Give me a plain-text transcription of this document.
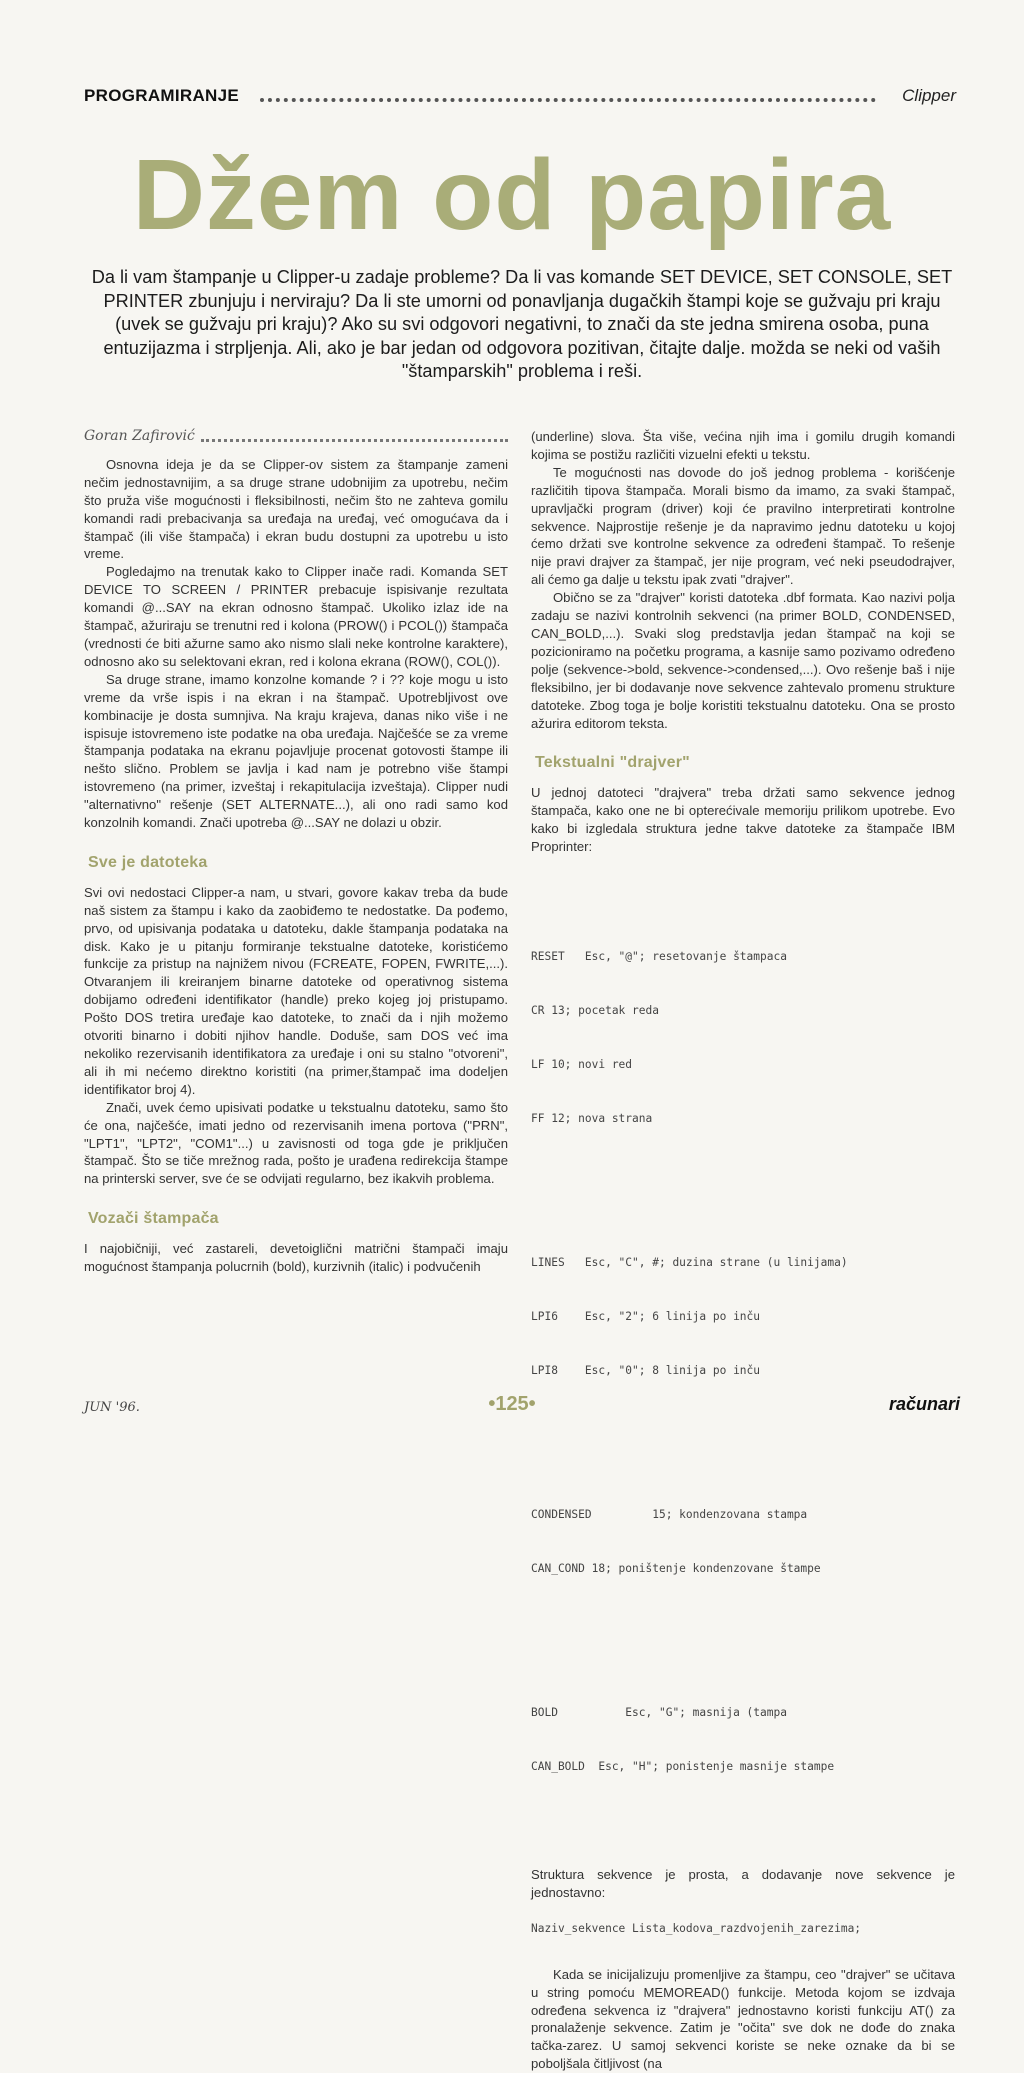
PROGRAMIRANJE	Clipper
Džem od papira
Da li vam štampanje u Clipper-u zadaje probleme? Da li vas komande SET DEVICE, SET CONSOLE, SET PRINTER zbunjuju i nerviraju? Da li ste umorni od ponavljanja dugačkih štampi koje se gužvaju pri kraju (uvek se gužvaju pri kraju)? Ako su svi odgovori negativni, to znači da ste jedna smirena osoba, puna entuzijazma i strpljenja. Ali, ako je bar jedan od odgovora pozitivan, čitajte dalje. možda se neki od vaših "štamparskih" problema i reši.
Goran Zafirović

Osnovna ideja je da se Clipper-ov sistem za štampanje zameni nečim jednostavnijim, a sa druge strane udobnijim za upotrebu, nečim što pruža više mogućnosti i fleksibilnosti, nečim što ne zahteva gomilu komandi radi prebacivanja sa uređaja na uređaj, već omogućava da i štampač (ili više štampača) i ekran budu dostupni za upotrebu u isto vreme.

Pogledajmo na trenutak kako to Clipper inače radi. Komanda SET DEVICE TO SCREEN / PRINTER prebacuje ispisivanje rezultata komandi @...SAY na ekran odnosno štampač. Ukoliko izlaz ide na štampač, ažuriraju se trenutni red i kolona (PROW() i PCOL()) štampača (vrednosti će biti ažurne samo ako nismo slali neke kontrolne karaktere), odnosno ako su selektovani ekran, red i kolona ekrana (ROW(), COL()).

Sa druge strane, imamo konzolne komande ? i ?? koje mogu u isto vreme da vrše ispis i na ekran i na štampač. Upotrebljivost ove kombinacije je dosta sumnjiva. Na kraju krajeva, danas niko više i ne ispisuje istovremeno iste podatke na oba uređaja. Najčešće se za vreme štampanja podataka na ekranu pojavljuje procenat gotovosti štampe ili nešto slično. Problem se javlja i kad nam je potrebno više štampi istovremeno (na primer, izveštaj i rekapitulacija izveštaja). Clipper nudi "alternativno" rešenje (SET ALTERNATE...), ali ono radi samo kod konzolnih komandi. Znači upotreba @...SAY ne dolazi u obzir.

Sve je datoteka

Svi ovi nedostaci Clipper-a nam, u stvari, govore kakav treba da bude naš sistem za štampu i kako da zaobiđemo te nedostatke. Da pođemo, prvo, od upisivanja podataka u datoteku, dakle štampanja podataka na disk. Kako je u pitanju formiranje tekstualne datoteke, koristićemo funkcije za pristup na najnižem nivou (FCREATE, FOPEN, FWRITE,...). Otvaranjem ili kreiranjem binarne datoteke od operativnog sistema dobijamo određeni identifikator (handle) preko kojeg joj pristupamo. Pošto DOS tretira uređaje kao datoteke, to znači da i njih možemo otvoriti binarno i dobiti njihov handle. Doduše, sam DOS već ima nekoliko rezervisanih identifikatora za uređaje i oni su stalno "otvoreni", ali ih mi nećemo direktno koristiti (na primer,štampač ima dodeljen identifikator broj 4).

Znači, uvek ćemo upisivati podatke u tekstualnu datoteku, samo što će ona, najčešće, imati jedno od rezervisanih imena portova ("PRN", "LPT1", "LPT2", "COM1"...) u zavisnosti od toga gde je priključen štampač. Što se tiče mrežnog rada, pošto je urađena redirekcija štampe na printerski server, sve će se odvijati regularno, bez ikakvih problema.

Vozači štampača

I najobičniji, već zastareli, devetoiglični matrični štampači imaju mogućnost štampanja polucrnih (bold), kurzivnih (italic) i podvučenih

(underline) slova. Šta više, većina njih ima i gomilu drugih komandi kojima se postižu različiti vizuelni efekti u tekstu.

Te mogućnosti nas dovode do još jednog problema - korišćenje različitih tipova štampača. Morali bismo da imamo, za svaki štampač, upravljački program (driver) koji će pravilno interpretirati kontrolne sekvence. Najprostije rešenje je da napravimo jednu datoteku u kojoj ćemo držati sve kontrolne sekvence za određeni štampač. To rešenje nije pravi drajver za štampač, jer nije program, već neki pseudodrajver, ali ćemo ga dalje u tekstu ipak zvati "drajver".

Obično se za "drajver" koristi datoteka .dbf formata. Kao nazivi polja zadaju se nazivi kontrolnih sekvenci (na primer BOLD, CONDENSED, CAN_BOLD,...). Svaki slog predstavlja jedan štampač na koji se pozicioniramo na početku programa, a kasnije samo pozivamo određeno polje (sekvence->bold, sekvence->condensed,...). Ovo rešenje baš i nije fleksibilno, jer bi dodavanje nove sekvence zahtevalo promenu strukture datoteke. Zbog toga je bolje koristiti tekstualnu datoteku. Ona se prosto ažurira editorom teksta.

Tekstualni "drajver"

U jednoj datoteci "drajvera" treba držati samo sekvence jednog štampača, kako one ne bi opterećivale memoriju prilikom upotrebe. Evo kako bi izgledala struktura jedne takve datoteke za štampače IBM Proprinter:

RESET   Esc, "@"; resetovanje štampaca

CR 13; pocetak reda

LF 10; novi red

FF 12; nova strana

LINES   Esc, "C", #; duzina strane (u linijama)

LPI6    Esc, "2"; 6 linija po inču

LPI8    Esc, "0"; 8 linija po inču

CONDENSED         15; kondenzovana stampa

CAN_COND 18; poništenje kondenzovane štampe

BOLD          Esc, "G"; masnija (tampa

CAN_BOLD  Esc, "H"; ponistenje masnije stampe

Struktura sekvence je prosta, a dodavanje nove sekvence je jednostavno:

Naziv_sekvence Lista_kodova_razdvojenih_zarezima;

Kada se inicijalizuju promenljive za štampu, ceo "drajver" se učitava u string pomoću MEMOREAD() funkcije. Metoda kojom se izdvaja određena sekvenca iz "drajvera" jednostavno koristi funkciju AT() za pronalaženje sekvence. Zatim je "očita" sve dok ne dođe do znaka tačka-zarez. U samoj sekvenci koriste se neke oznake da bi se poboljšala čitljivost (na

JUN '96.	•125•	računari
